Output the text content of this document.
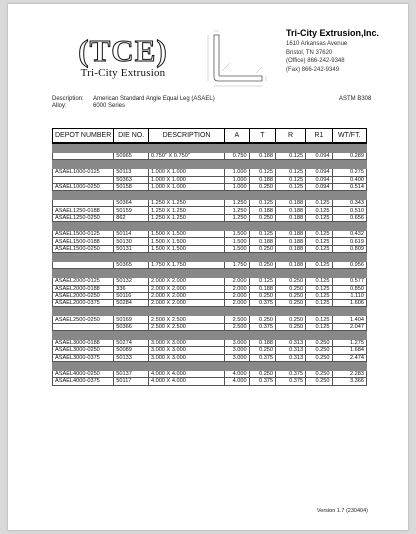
(TCE)
Tri-City Extrusion
Tri-City Extrusion,Inc.
1610 Arkansas Avenue
Bristol, TN 37620
(Office) 866-242-9348
(Fax) 866-242-9349
Description: American Standard Angle Equal Leg (ASAEL)
Alloy:	6000 Series
ASTM B308
DEPOT NUMBER	DIE NO.	DESCRIPTION	A	T	R	R1	WT/FT.

	50965	0.750" X 0.750"	0.750	0.188	0.125	0.094	0.289

ASAEL1000-0125	50113	1.000 X 1.000	1.000	0.125	0.125	0.094	0.275
	50363	1.000 X 1.000	1.000	0.188	0.125	0.094	0.400
ASAEL1000-0250	50158	1.000 X 1.000	1.000	0.250	0.125	0.094	0.514

	50364	1.250 X 1.250	1.250	0.125	0.188	0.125	0.343
ASAEL1250-0188	50159	1.250 X 1.250	1.250	0.188	0.188	0.125	0.510
ASAEL1250-0250	862	1.250 X 1.250	1.250	0.250	0.188	0.125	0.656

ASAEL1500-0125	50114	1.500 X 1.500	1.500	0.125	0.188	0.125	0.432
ASAEL1500-0188	50130	1.500 X 1.500	1.500	0.188	0.188	0.125	0.619
ASAEL1500-0250	50131	1.500 X 1.500	1.500	0.250	0.188	0.125	0.809

	50365	1.750 X 1.750	1.750	0.250	0.188	0.125	0.956

ASAEL2000-0125	50132	2.000 X 2.000	2.000	0.125	0.250	0.125	0.577
ASAEL2000-0188	336	2.000 X 2.000	2.000	0.188	0.250	0.125	0.850
ASAEL2000-0250	50116	2.000 X 2.000	2.000	0.250	0.250	0.125	1.110
ASAEL2000-0375	50284	2.000 X 2.000	2.000	0.375	0.250	0.125	1.606

ASAEL2500-0250	50169	2.500 X 2.500	2.500	0.250	0.250	0.125	1.404
	50366	2.500 X 2.500	2.500	0.375	0.250	0.125	2.047

ASAEL3000-0188	50274	3.000 X 3.000	3.000	0.188	0.313	0.250	1.275
ASAEL3000-0250	50089	3.000 X 3.000	3.000	0.250	0.313	0.250	1.684
ASAEL3000-0375	50133	3.000 X 3.000	3.000	0.375	0.313	0.250	2.474

ASAEL4000-0250	50137	4.000 X 4.000	4.000	0.250	0.375	0.250	2.283
ASAEL4000-0375	50117	4.000 X 4.000	4.000	0.375	0.375	0.250	3.366
Version 1.7 (230404)
